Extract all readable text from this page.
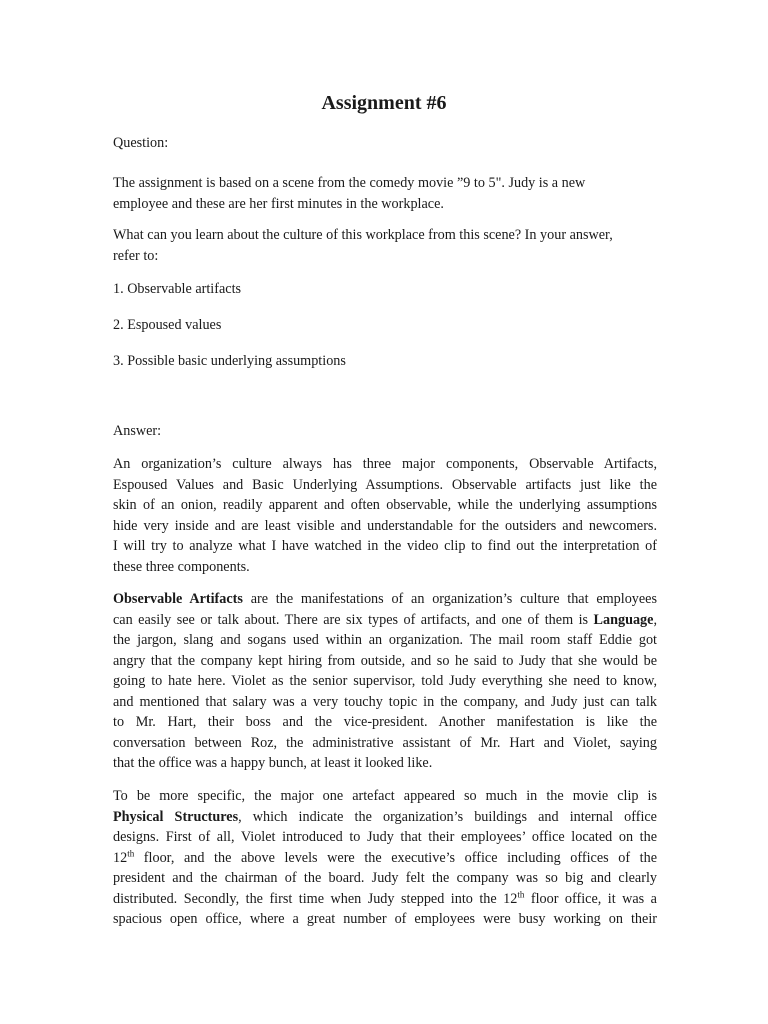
Assignment #6

Question:

The assignment is based on a scene from the comedy movie ”9 to 5". Judy is a new
employee and these are her first minutes in the workplace.

What can you learn about the culture of this workplace from this scene? In your answer,
refer to:

1. Observable artifacts

2. Espoused values

3. Possible basic underlying assumptions

Answer:

An organization’s culture always has three major components, Observable Artifacts,
Espoused Values and Basic Underlying Assumptions. Observable artifacts just like the
skin of an onion, readily apparent and often observable, while the underlying assumptions
hide very inside and are least visible and understandable for the outsiders and newcomers.
I will try to analyze what I have watched in the video clip to find out the interpretation of
these three components.

Observable Artifacts are the manifestations of an organization’s culture that employees
can easily see or talk about. There are six types of artifacts, and one of them is Language,
the jargon, slang and sogans used within an organization. The mail room staff Eddie got
angry that the company kept hiring from outside, and so he said to Judy that she would be
going to hate here. Violet as the senior supervisor, told Judy everything she need to know,
and mentioned that salary was a very touchy topic in the company, and Judy just can talk
to Mr. Hart, their boss and the vice-president. Another manifestation is like the
conversation between Roz, the administrative assistant of Mr. Hart and Violet, saying
that the office was a happy bunch, at least it looked like.

To be more specific, the major one artefact appeared so much in the movie clip is
Physical Structures, which indicate the organization’s buildings and internal office
designs. First of all, Violet introduced to Judy that their employees’ office located on the
12th floor, and the above levels were the executive’s office including offices of the
president and the chairman of the board. Judy felt the company was so big and clearly
distributed. Secondly, the first time when Judy stepped into the 12th floor office, it was a
spacious open office, where a great number of employees were busy working on their
